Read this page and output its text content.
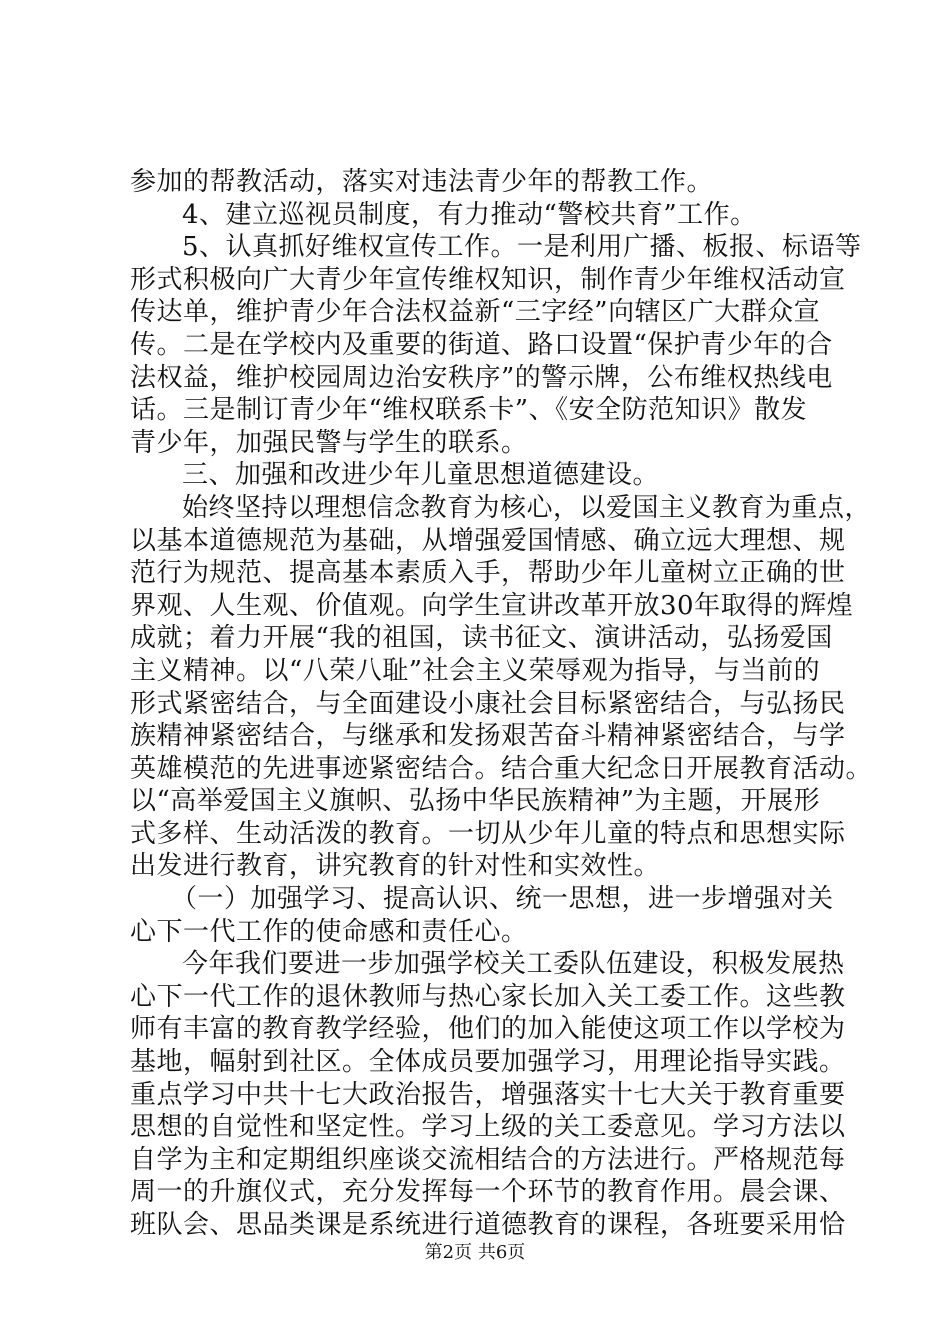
参加的帮教活动，落实对违法青少年的帮教工作。
4、建立巡视员制度，有力推动“警校共育”工作。
5、认真抓好维权宣传工作。一是利用广播、板报、标语等
形式积极向广大青少年宣传维权知识，制作青少年维权活动宣
传达单，维护青少年合法权益新“三字经”向辖区广大群众宣
传。二是在学校内及重要的街道、路口设置“保护青少年的合
法权益，维护校园周边治安秩序”的警示牌，公布维权热线电
话。三是制订青少年“维权联系卡”、《安全防范知识》散发
青少年，加强民警与学生的联系。
三、加强和改进少年儿童思想道德建设。
始终坚持以理想信念教育为核心，以爱国主义教育为重点，
以基本道德规范为基础，从增强爱国情感、确立远大理想、规
范行为规范、提高基本素质入手，帮助少年儿童树立正确的世
界观、人生观、价值观。向学生宣讲改革开放30年取得的辉煌
成就；着力开展“我的祖国，读书征文、演讲活动，弘扬爱国
主义精神。以“八荣八耻”社会主义荣辱观为指导，与当前的
形式紧密结合，与全面建设小康社会目标紧密结合，与弘扬民
族精神紧密结合，与继承和发扬艰苦奋斗精神紧密结合，与学
英雄模范的先进事迹紧密结合。结合重大纪念日开展教育活动。
以“高举爱国主义旗帜、弘扬中华民族精神”为主题，开展形
式多样、生动活泼的教育。一切从少年儿童的特点和思想实际
出发进行教育，讲究教育的针对性和实效性。
（一）加强学习、提高认识、统一思想，进一步增强对关
心下一代工作的使命感和责任心。
今年我们要进一步加强学校关工委队伍建设，积极发展热
心下一代工作的退休教师与热心家长加入关工委工作。这些教
师有丰富的教育教学经验，他们的加入能使这项工作以学校为
基地，幅射到社区。全体成员要加强学习，用理论指导实践。
重点学习中共十七大政治报告，增强落实十七大关于教育重要
思想的自觉性和坚定性。学习上级的关工委意见。学习方法以
自学为主和定期组织座谈交流相结合的方法进行。严格规范每
周一的升旗仪式，充分发挥每一个环节的教育作用。晨会课、
班队会、思品类课是系统进行道德教育的课程，各班要采用恰
第2页 共6页
